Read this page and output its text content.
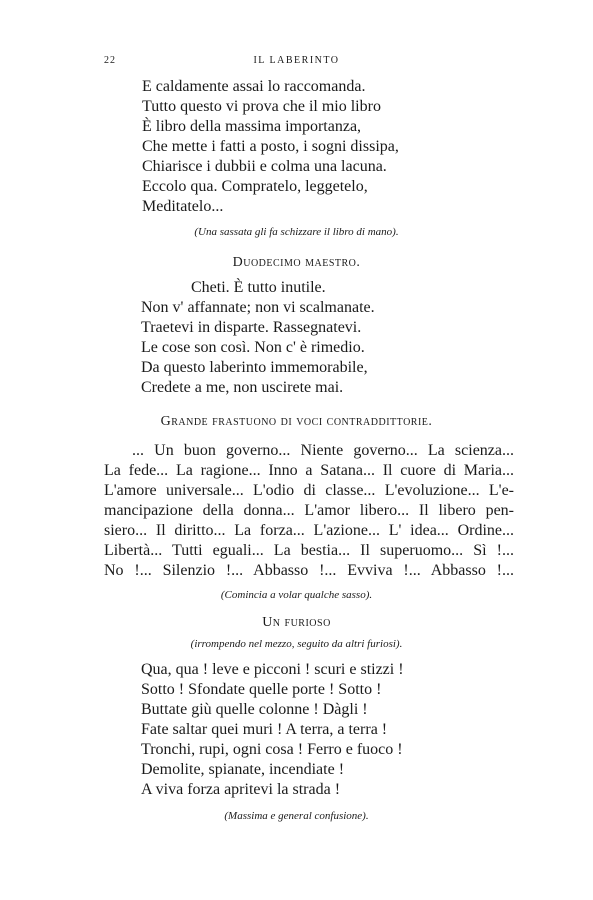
22	IL LABERINTO
E caldamente assai lo raccomanda.
Tutto questo vi prova che il mio libro
È libro della massima importanza,
Che mette i fatti a posto, i sogni dissipa,
Chiarisce i dubbii e colma una lacuna.
Eccolo qua. Compratelo, leggetelo,
Meditatelo...
(Una sassata gli fa schizzare il libro di mano).
Duodecimo maestro.
Cheti. È tutto inutile.
Non v' affannate; non vi scalmanate.
Traetevi in disparte. Rassegnatevi.
Le cose son così. Non c' è rimedio.
Da questo laberinto immemorabile,
Credete a me, non uscirete mai.
Grande frastuono di voci contraddittorie.
... Un buon governo... Niente governo... La scienza...
La fede... La ragione... Inno a Satana... Il cuore di Maria...
L'amore universale... L'odio di classe... L'evoluzione... L'e-
mancipazione della donna... L'amor libero... Il libero pen-
siero... Il diritto... La forza... L'azione... L' idea... Ordine...
Libertà... Tutti eguali... La bestia... Il superuomo... Sì !...
No !... Silenzio !... Abbasso !... Evviva !... Abbasso !...
(Comincia a volar qualche sasso).
Un furioso
(irrompendo nel mezzo, seguito da altri furiosi).
Qua, qua ! leve e picconi ! scuri e stizzi !
Sotto ! Sfondate quelle porte ! Sotto !
Buttate giù quelle colonne ! Dàgli !
Fate saltar quei muri ! A terra, a terra !
Tronchi, rupi, ogni cosa ! Ferro e fuoco !
Demolite, spianate, incendiate !
A viva forza apritevi la strada !
(Massima e general confusione).
